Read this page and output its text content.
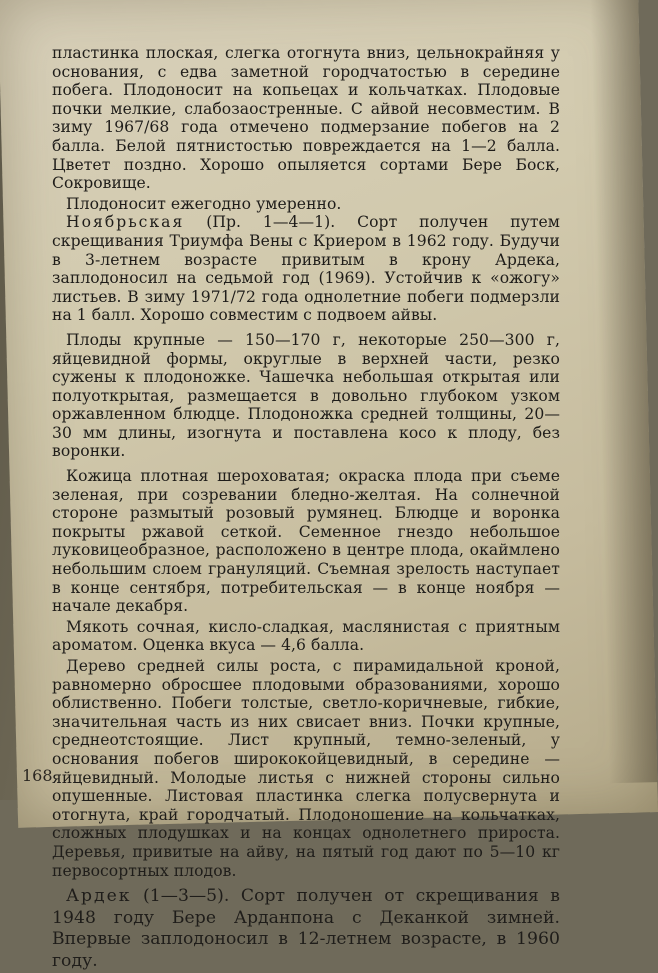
пластинка плоская, слегка отогнута вниз, цельнокрайняя у основания, с едва заметной городчатостью в середине побега. Плодоносит на копьецах и кольчатках. Плодовые почки мелкие, слабозаостренные. С айвой несовместим. В зиму 1967/68 года отмечено подмерзание побегов на 2 балла. Белой пятнистостью повреждается на 1—2 балла. Цветет поздно. Хорошо опыляется сортами Бере Боск, Сокровище.

Плодоносит ежегодно умеренно.

Ноябрьская (Пр. 1—4—1). Сорт получен путем скрещивания Триумфа Вены с Криером в 1962 году. Будучи в 3-летнем возрасте привитым в крону Ардека, заплодоносил на седьмой год (1969). Устойчив к «ожогу» листьев. В зиму 1971/72 года однолетние побеги подмерзли на 1 балл. Хорошо совместим с подвоем айвы.

Плоды крупные — 150—170 г, некоторые 250—300 г, яйцевидной формы, округлые в верхней части, резко сужены к плодоножке. Чашечка небольшая открытая или полуоткрытая, размещается в довольно глубоком узком оржавленном блюдце. Плодоножка средней толщины, 20—30 мм длины, изогнута и поставлена косо к плоду, без воронки.

Кожица плотная шероховатая; окраска плода при съеме зеленая, при созревании бледно-желтая. На солнечной стороне размытый розовый румянец. Блюдце и воронка покрыты ржавой сеткой. Семенное гнездо небольшое луковицеобразное, расположено в центре плода, окаймлено небольшим слоем грануляций. Съемная зрелость наступает в конце сентября, потребительская — в конце ноября — начале декабря.

Мякоть сочная, кисло-сладкая, маслянистая с приятным ароматом. Оценка вкуса — 4,6 балла.

Дерево средней силы роста, с пирамидальной кроной, равномерно обросшее плодовыми образованиями, хорошо облиственно. Побеги толстые, светло-коричневые, гибкие, значительная часть из них свисает вниз. Почки крупные, среднеотстоящие. Лист крупный, темно-зеленый, у основания побегов ширококойцевидный, в середине — яйцевидный. Молодые листья с нижней стороны сильно опушенные. Листовая пластинка слегка полусвернута и отогнута, край городчатый. Плодоношение на кольчатках, сложных плодушках и на концах однолетнего прироста. Деревья, привитые на айву, на пятый год дают по 5—10 кг первосортных плодов.

Ардек (1—3—5). Сорт получен от скрещивания в 1948 году Бере Арданпона с Деканкой зимней. Впервые заплодоносил в 12-летнем возрасте, в 1960 году.

168
